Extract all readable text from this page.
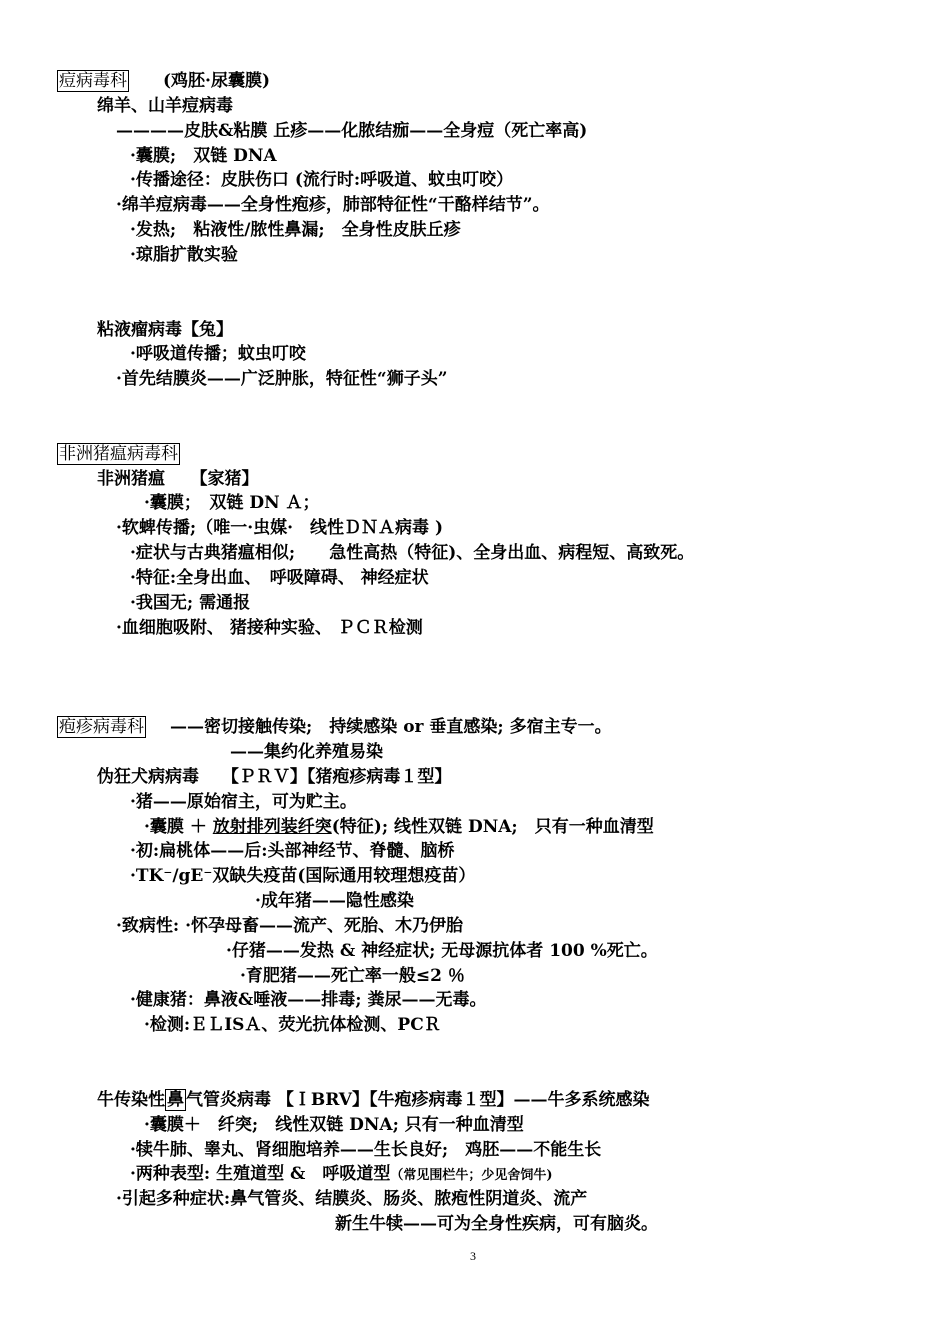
痘病毒科 (鸡胚·尿囊膜)
绵羊、山羊痘病毒
————皮肤&粘膜 丘疹——化脓结痂——全身痘（死亡率高)
·囊膜;　双链 DNA
·传播途径：皮肤伤口 (流行时:呼吸道、蚊虫叮咬）
·绵羊痘病毒——全身性疱疹，肺部特征性“干酪样结节”。
·发热;　粘液性/脓性鼻漏;　全身性皮肤丘疹
·琼脂扩散实验
粘液瘤病毒【兔】
·呼吸道传播；蚊虫叮咬
·首先结膜炎——广泛肿胀，特征性“狮子头”
非洲猪瘟病毒科
非洲猪瘟　　【家猪】
·囊膜；　双链 DN Ａ；
·软蜱传播;（唯一·虫媒·　线性ＤＮＡ病毒 )
·症状与古典猪瘟相似;　　急性高热（特征)、全身出血、病程短、高致死。
·特征:全身出血、　呼吸障碍、 神经症状
·我国无; 需通报
·血细胞吸附、 猪接种实验、 ＰＣＲ检测
疱疹病毒科 ——密切接触传染;　持续感染 or 垂直感染; 多宿主专一。
——集约化养殖易染
伪狂犬病病毒　 【ＰＲＶ】【猪疱疹病毒１型】
·猪——原始宿主，可为贮主。
·囊膜 ＋ 放射排列装纤突(特征); 线性双链 DNA;　只有一种血清型
·初:扁桃体——后:头部神经节、脊髓、脑桥
·TK⁻/gE⁻双缺失疫苗(国际通用较理想疫苗）
·成年猪——隐性感染
·致病性: ·怀孕母畜——流产、死胎、木乃伊胎
·仔猪——发热 & 神经症状; 无母源抗体者 100 %死亡。
·育肥猪——死亡率一般≤2 ％
·健康猪：鼻液&唾液——排毒; 粪尿——无毒。
·检测:ＥＬISＡ、荧光抗体检测、PCＲ
牛传染性 鼻 气管炎病毒 【ＩBRV】【牛疱疹病毒１型】——牛多系统感染
·囊膜＋　纤突;　线性双链 DNA; 只有一种血清型
·犊牛肺、睾丸、肾细胞培养——生长良好;　鸡胚——不能生长
·两种表型: 生殖道型 &　呼吸道型（常见围栏牛；少见舍饲牛)
·引起多种症状:鼻气管炎、结膜炎、肠炎、脓疱性阴道炎、流产
新生牛犊——可为全身性疾病，可有脑炎。
3
